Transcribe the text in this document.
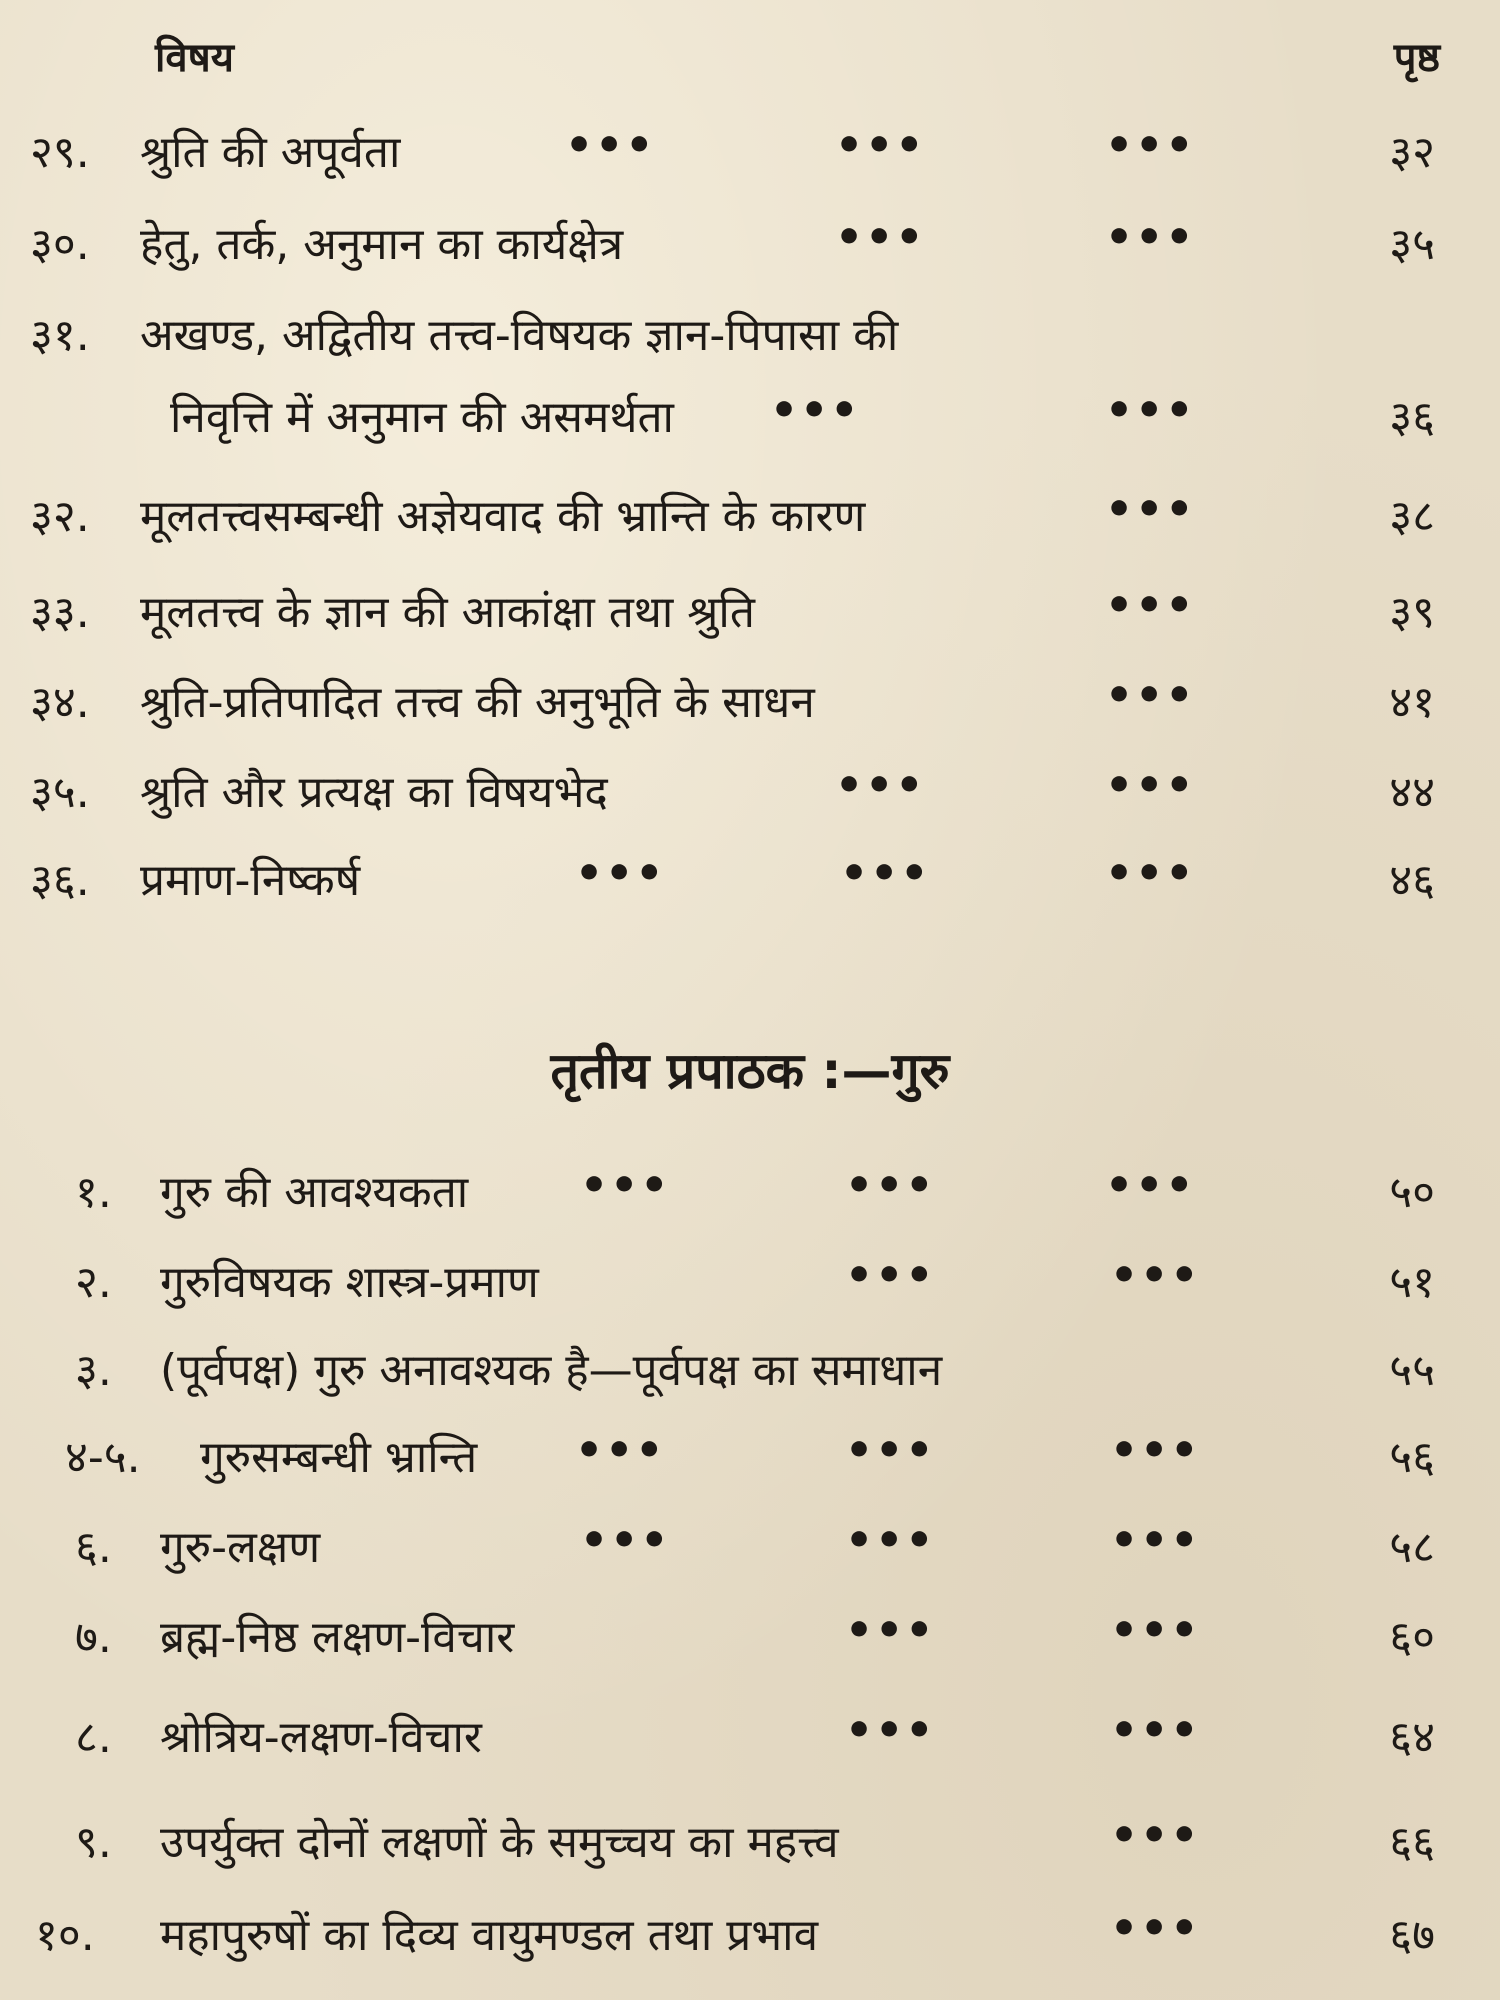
विषय	पृष्ठ
२९. श्रुति की अपूर्वता	•••	•••	•••	३२
३०. हेतु, तर्क, अनुमान का कार्यक्षेत्र	•••	•••	३५
३१. अखण्ड, अद्वितीय तत्त्व-विषयक ज्ञान-पिपासा की
निवृत्ति में अनुमान की असमर्थता •••	•••	३६
३२. मूलतत्त्वसम्बन्धी अज्ञेयवाद की भ्रान्ति के कारण	•••	३८
३३. मूलतत्त्व के ज्ञान की आकांक्षा तथा श्रुति	•••	३९
३४. श्रुति-प्रतिपादित तत्त्व की अनुभूति के साधन	•••	४१
३५. श्रुति और प्रत्यक्ष का विषयभेद	•••	•••	४४
३६. प्रमाण-निष्कर्ष	•••	•••	•••	४६
तृतीय प्रपाठक :—गुरु
१. गुरु की आवश्यकता	•••	•••	•••	५०
२. गुरुविषयक शास्त्र-प्रमाण	•••	•••	५१
३. (पूर्वपक्ष) गुरु अनावश्यक है—पूर्वपक्ष का समाधान	५५
४-५. गुरुसम्बन्धी भ्रान्ति •••	•••	•••	५६
६. गुरु-लक्षण	•••	•••	•••	५८
७. ब्रह्म-निष्ठ लक्षण-विचार	•••	•••	६०
८. श्रोत्रिय-लक्षण-विचार	•••	•••	६४
९. उपर्युक्त दोनों लक्षणों के समुच्चय का महत्त्व	•••	६६
१०. महापुरुषों का दिव्य वायुमण्डल तथा प्रभाव	•••	६७
